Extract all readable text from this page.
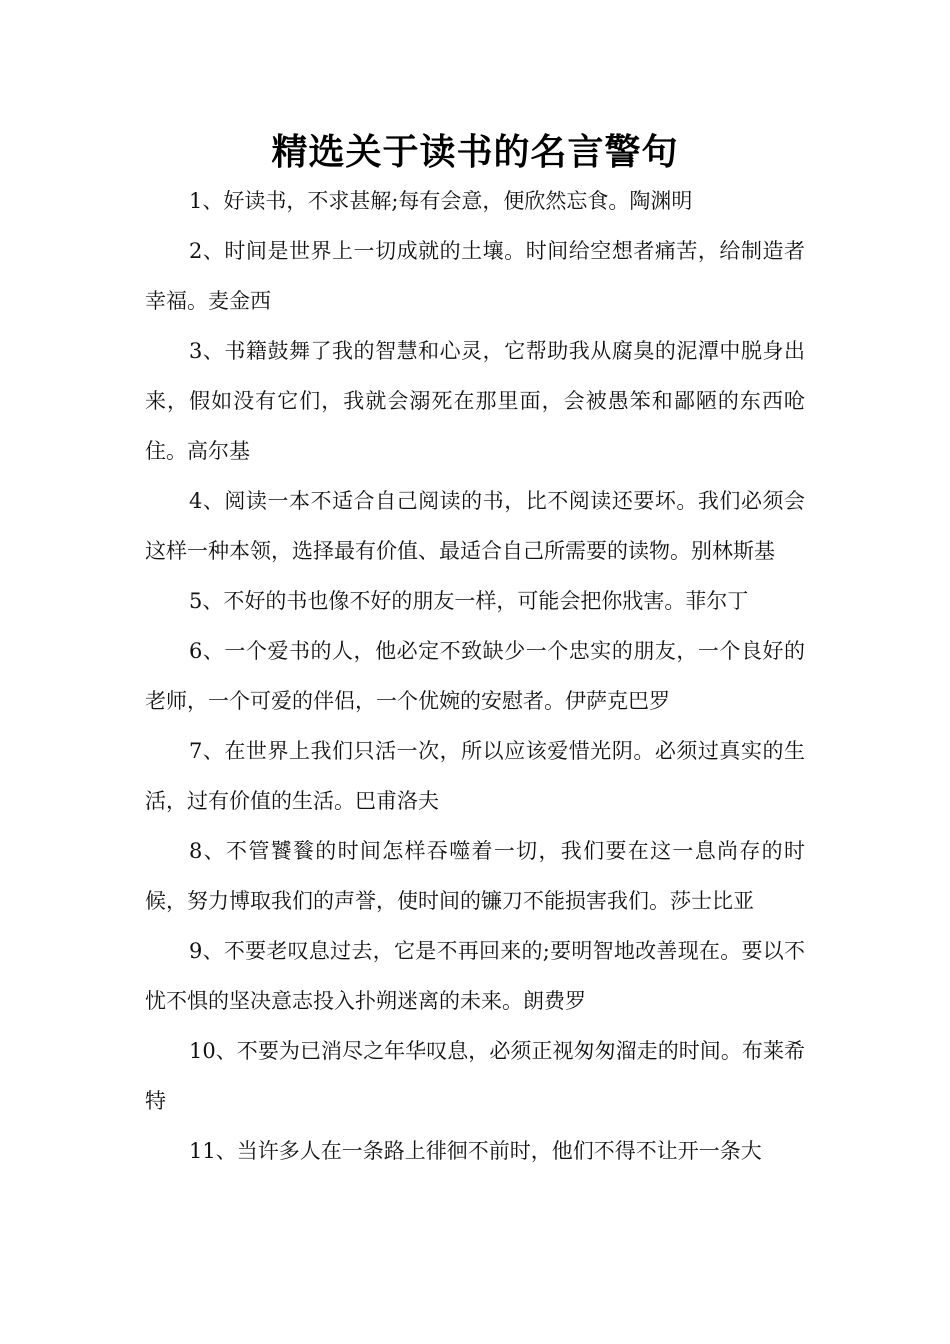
精选关于读书的名言警句

1、好读书，不求甚解;每有会意，便欣然忘食。陶渊明

2、时间是世界上一切成就的土壤。时间给空想者痛苦，给制造者幸福。麦金西

3、书籍鼓舞了我的智慧和心灵，它帮助我从腐臭的泥潭中脱身出来，假如没有它们，我就会溺死在那里面，会被愚笨和鄙陋的东西呛住。高尔基

4、阅读一本不适合自己阅读的书，比不阅读还要坏。我们必须会这样一种本领，选择最有价值、最适合自己所需要的读物。别林斯基

5、不好的书也像不好的朋友一样，可能会把你戕害。菲尔丁

6、一个爱书的人，他必定不致缺少一个忠实的朋友，一个良好的老师，一个可爱的伴侣，一个优婉的安慰者。伊萨克巴罗

7、在世界上我们只活一次，所以应该爱惜光阴。必须过真实的生活，过有价值的生活。巴甫洛夫

8、不管饕餮的时间怎样吞噬着一切，我们要在这一息尚存的时候，努力博取我们的声誉，使时间的镰刀不能损害我们。莎士比亚

9、不要老叹息过去，它是不再回来的;要明智地改善现在。要以不忧不惧的坚决意志投入扑朔迷离的未来。朗费罗

10、不要为已消尽之年华叹息，必须正视匆匆溜走的时间。布莱希特

11、当许多人在一条路上徘徊不前时，他们不得不让开一条大
